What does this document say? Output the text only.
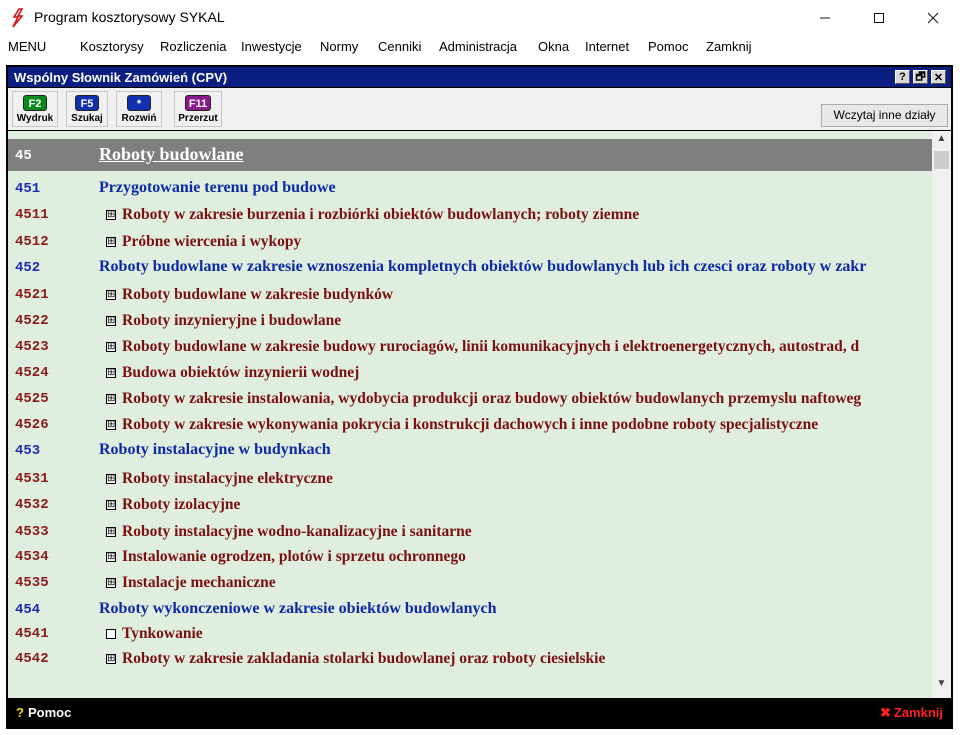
Program kosztorysowy SYKAL
MENU	Kosztorysy Rozliczenia Inwestycje Normy Cenniki Administracja Okna Internet Pomoc Zamknij
Wspólny Słownik Zamówień (CPV)	? 🗗 ✕
F2
Wydruk
F5
Szukaj
*
Rozwiń
F11
Przerzut	Wczytaj inne działy
45	Roboty budowlane
451	Przygotowanie terenu pod budowe
4511	⊞ Roboty w zakresie burzenia i rozbiórki obiektów budowlanych; roboty ziemne
4512	⊞ Próbne wiercenia i wykopy
452	Roboty budowlane w zakresie wznoszenia kompletnych obiektów budowlanych lub ich czesci oraz roboty w zakr
4521	⊞ Roboty budowlane w zakresie budynków
4522	⊞ Roboty inzynieryjne i budowlane
4523	⊞ Roboty budowlane w zakresie budowy rurociagów, linii komunikacyjnych i elektroenergetycznych, autostrad, d
4524	⊞ Budowa obiektów inzynierii wodnej
4525	⊞ Roboty w zakresie instalowania, wydobycia produkcji oraz budowy obiektów budowlanych przemyslu naftoweg
4526	⊞ Roboty w zakresie wykonywania pokrycia i konstrukcji dachowych i inne podobne roboty specjalistyczne
453	Roboty instalacyjne w budynkach
4531	⊞ Roboty instalacyjne elektryczne
4532	⊞ Roboty izolacyjne
4533	⊞ Roboty instalacyjne wodno-kanalizacyjne i sanitarne
4534	⊞ Instalowanie ogrodzen, plotów i sprzetu ochronnego
4535	⊞ Instalacje mechaniczne
454	Roboty wykonczeniowe w zakresie obiektów budowlanych
4541	Tynkowanie
4542	⊞ Roboty w zakresie zakladania stolarki budowlanej oraz roboty ciesielskie
▲
▼
? Pomoc	✖ Zamknij
